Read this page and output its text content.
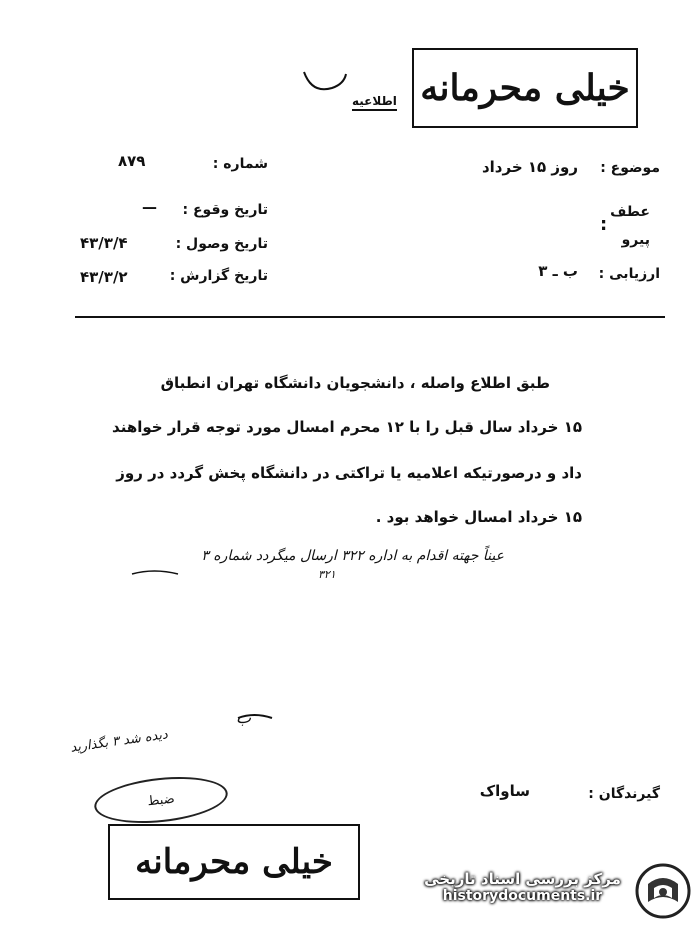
خیلی محرمانه
اطلاعیه
موضوع :
روز ۱۵ خرداد
عطف
:
پیرو
ارزیابی :
ب ـ ۳
شماره :
۸۷۹
تاریخ وقوع :
—
تاریخ وصول :
۴۳/۳/۴
تاریخ گزارش :
۴۳/۳/۲
طبق اطلاع واصله ، دانشجویان دانشگاه تهران انطباق
۱۵ خرداد سال قبل را با ۱۲ محرم امسال مورد توجه قرار خواهند
داد و درصورتیکه اعلامیه یا تراکتی در دانشگاه پخش گردد در روز
۱۵ خرداد امسال خواهد بود .
عیناً جهته اقدام به اداره ۳۲۲ ارسال میگردد شماره ۳
۳۲۱
دیده شد ۳ بگذارید
ب
ضبط	گیرندگان :
ساواک
خیلی محرمانه	مرکز بررسی اسناد تاریخی
historydocuments.ir
